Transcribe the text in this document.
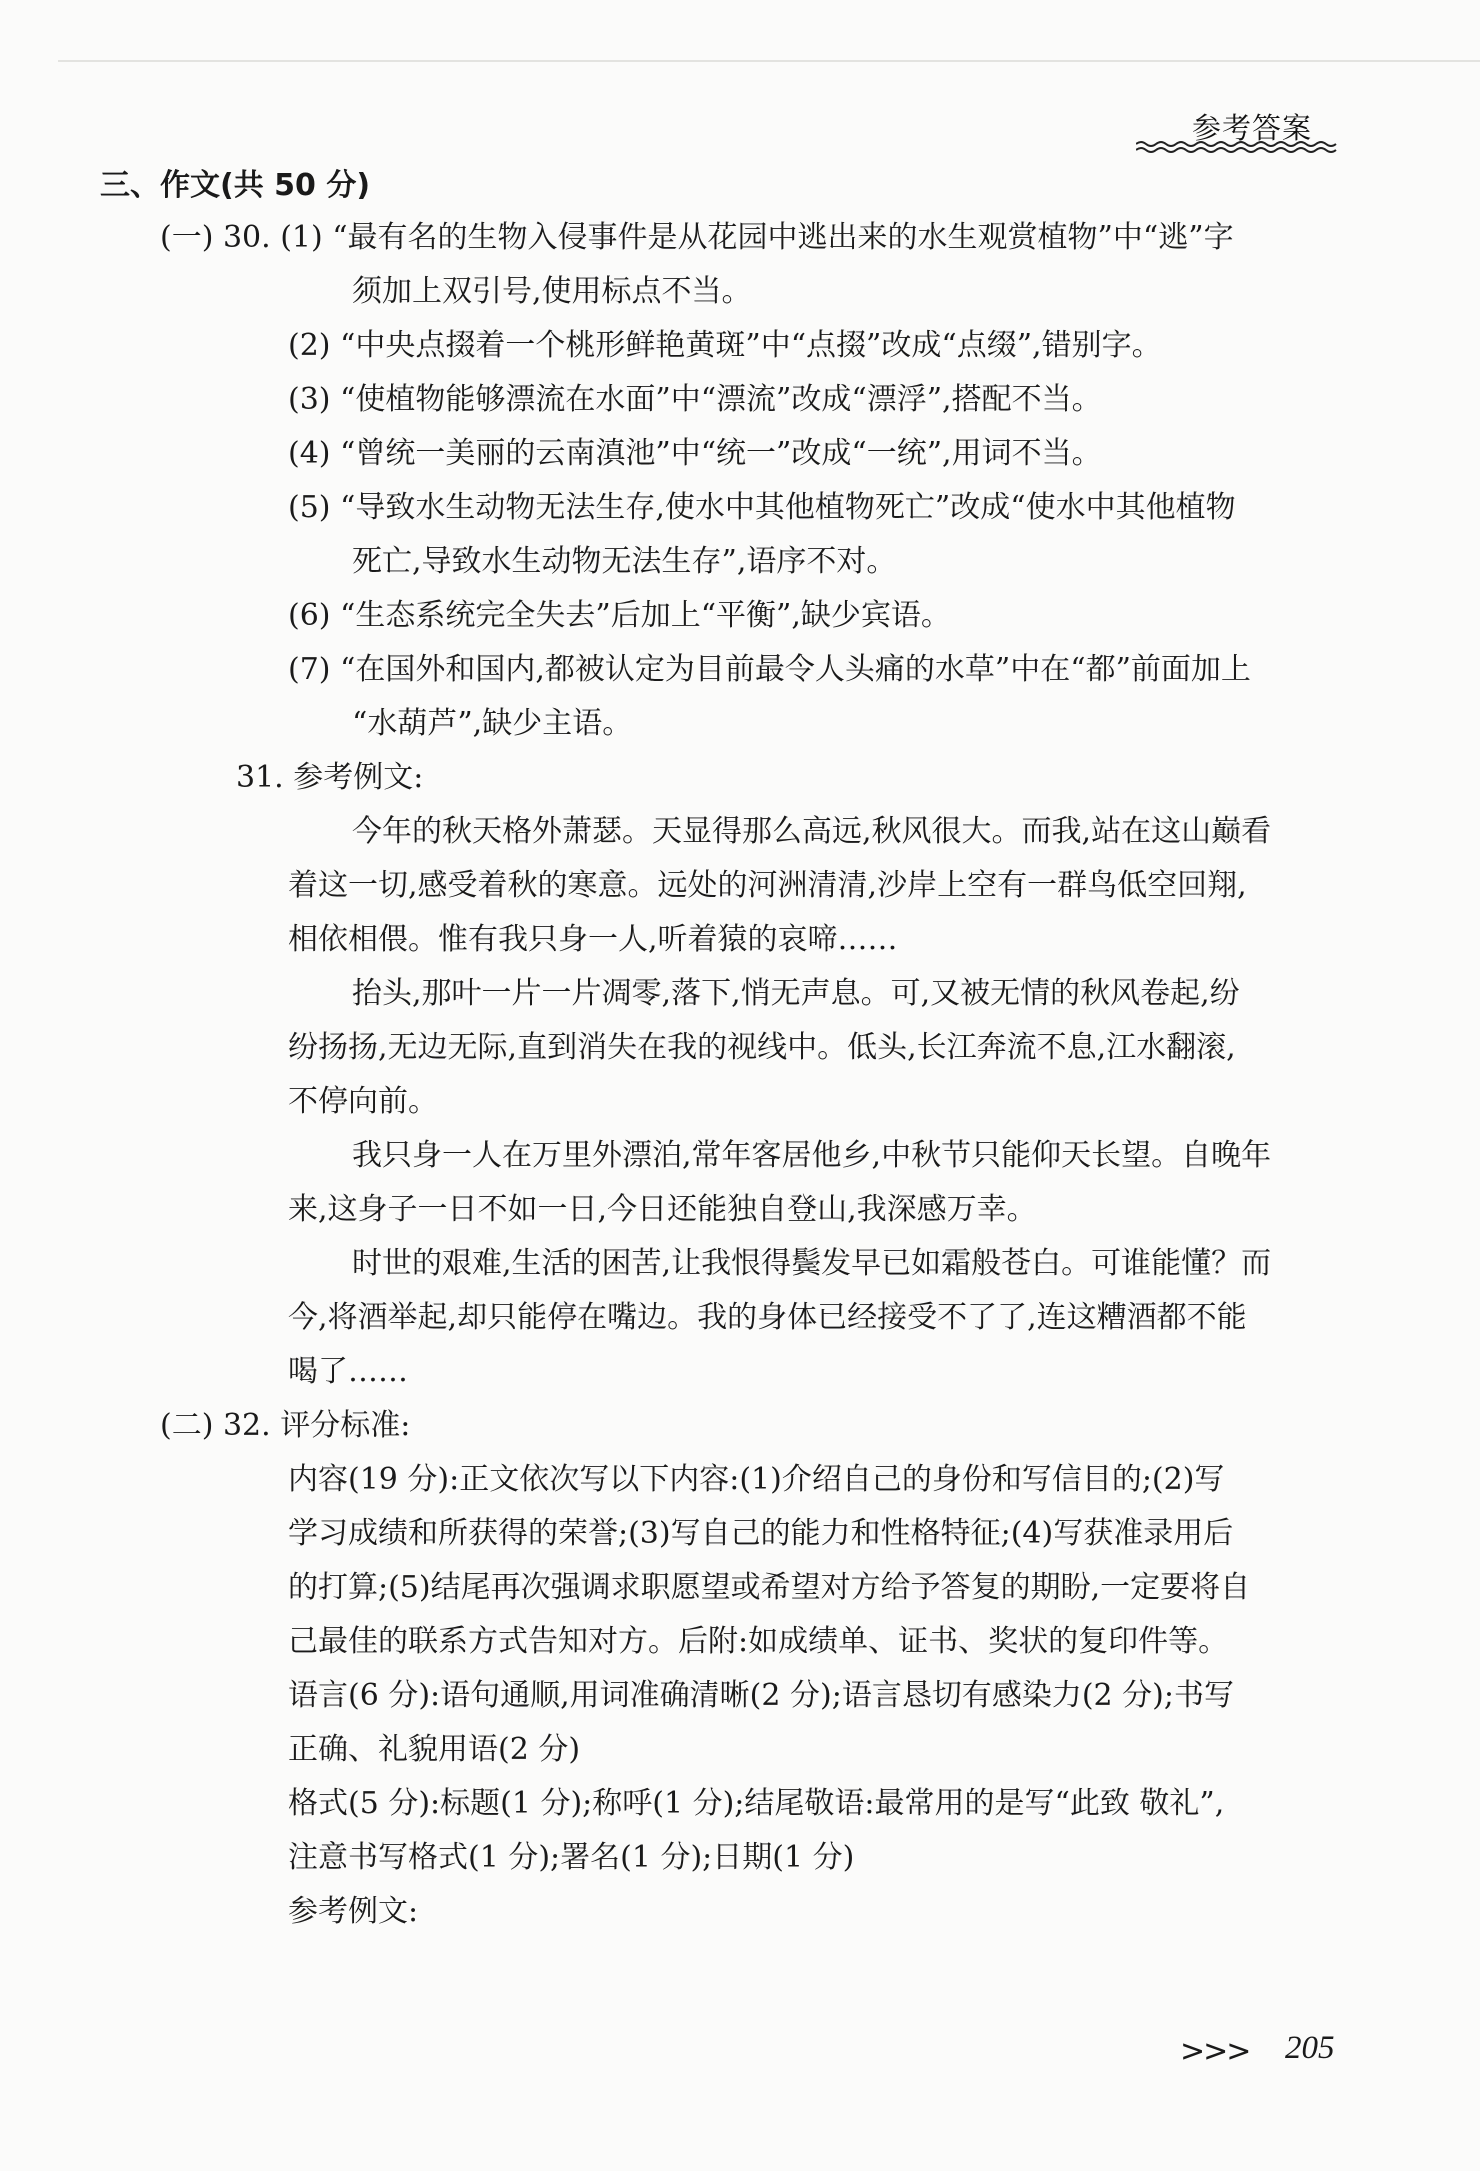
参考答案
三、作文(共 50 分)
(一) 30. (1) “最有名的生物入侵事件是从花园中逃出来的水生观赏植物”中“逃”字
须加上双引号,使用标点不当。
(2) “中央点掇着一个桃形鲜艳黄斑”中“点掇”改成“点缀”,错别字。
(3) “使植物能够漂流在水面”中“漂流”改成“漂浮”,搭配不当。
(4) “曾统一美丽的云南滇池”中“统一”改成“一统”,用词不当。
(5) “导致水生动物无法生存,使水中其他植物死亡”改成“使水中其他植物
死亡,导致水生动物无法生存”,语序不对。
(6) “生态系统完全失去”后加上“平衡”,缺少宾语。
(7) “在国外和国内,都被认定为目前最令人头痛的水草”中在“都”前面加上
“水葫芦”,缺少主语。
31. 参考例文:
今年的秋天格外萧瑟。天显得那么高远,秋风很大。而我,站在这山巅看
着这一切,感受着秋的寒意。远处的河洲清清,沙岸上空有一群鸟低空回翔,
相依相偎。惟有我只身一人,听着猿的哀啼……
抬头,那叶一片一片凋零,落下,悄无声息。可,又被无情的秋风卷起,纷
纷扬扬,无边无际,直到消失在我的视线中。低头,长江奔流不息,江水翻滚,
不停向前。
我只身一人在万里外漂泊,常年客居他乡,中秋节只能仰天长望。自晚年
来,这身子一日不如一日,今日还能独自登山,我深感万幸。
时世的艰难,生活的困苦,让我恨得鬓发早已如霜般苍白。可谁能懂？而
今,将酒举起,却只能停在嘴边。我的身体已经接受不了了,连这糟酒都不能
喝了……
(二) 32. 评分标准:
内容(19 分):正文依次写以下内容:(1)介绍自己的身份和写信目的;(2)写
学习成绩和所获得的荣誉;(3)写自己的能力和性格特征;(4)写获准录用后
的打算;(5)结尾再次强调求职愿望或希望对方给予答复的期盼,一定要将自
己最佳的联系方式告知对方。后附:如成绩单、证书、奖状的复印件等。
语言(6 分):语句通顺,用词准确清晰(2 分);语言恳切有感染力(2 分);书写
正确、礼貌用语(2 分)
格式(5 分):标题(1 分);称呼(1 分);结尾敬语:最常用的是写“此致 敬礼”,
注意书写格式(1 分);署名(1 分);日期(1 分)
参考例文:
>>> 205
